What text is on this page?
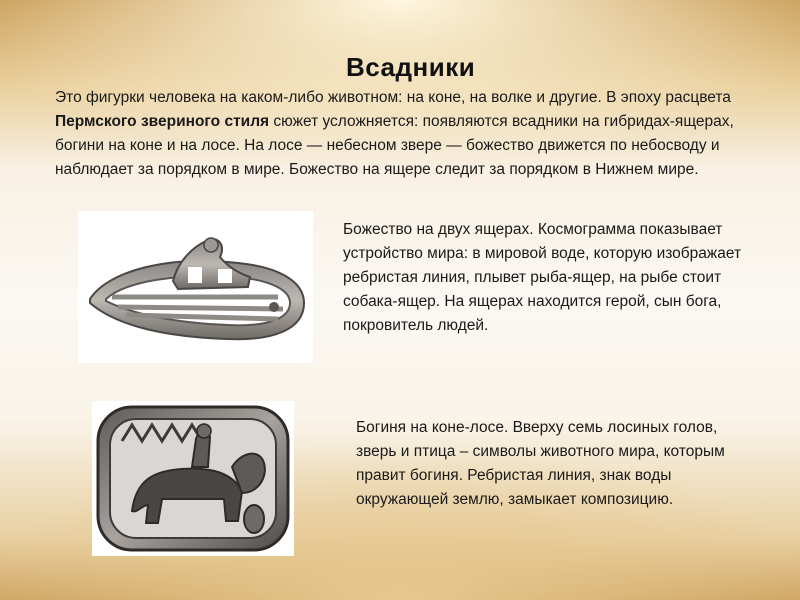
Всадники
Это фигурки человека на каком-либо животном: на коне, на волке и другие. В эпоху расцвета Пермского звериного стиля сюжет усложняется: появляются всадники на гибридах-ящерах, богини на коне и на лосе. На лосе — небесном звере — божество движется по небосводу и наблюдает за порядком в мире. Божество на ящере следит за порядком в Нижнем мире.
Божество на двух ящерах. Космограмма показывает устройство мира: в мировой воде, которую изображает ребристая линия, плывет рыба-ящер, на рыбе стоит собака-ящер. На ящерах находится герой, сын бога, покровитель людей.
Богиня на коне-лосе. Вверху семь лосиных голов, зверь и птица – символы животного мира, которым правит богиня. Ребристая линия, знак воды окружающей землю, замыкает композицию.
